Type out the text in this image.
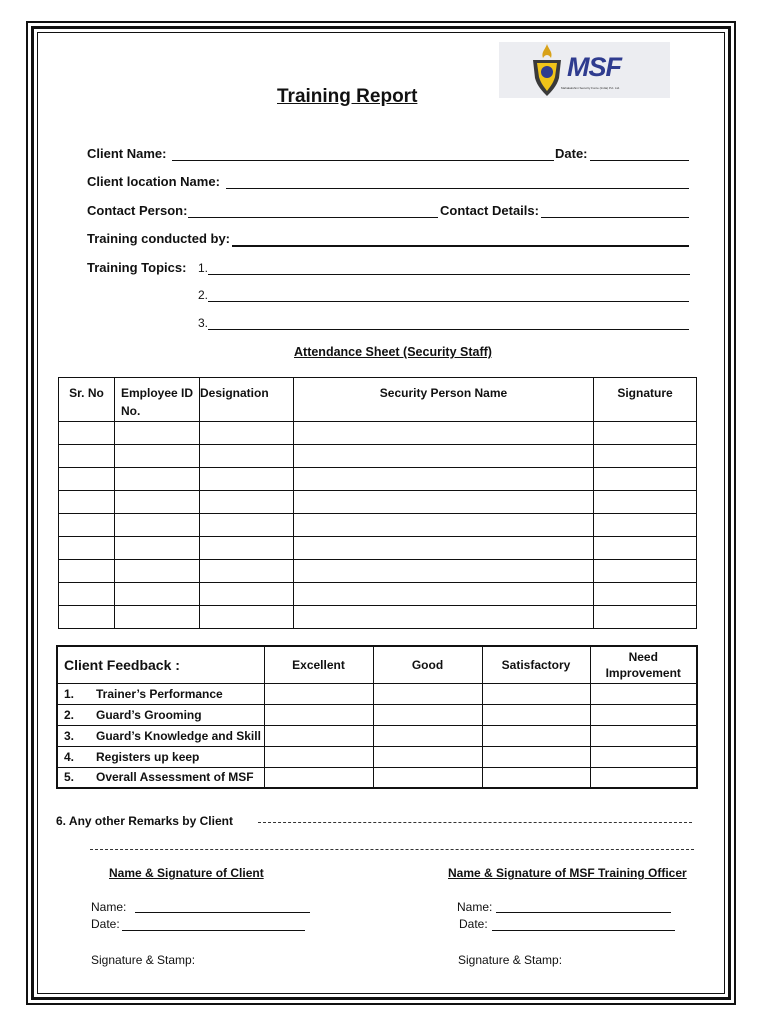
MSF
Mahalakshmi Security Force (India) Pvt. Ltd.
Training Report
Client Name:	Date:
Client location Name:
Contact Person:	Contact Details:
Training conducted by:
Training Topics: 1.
2.
3.
Attendance Sheet (Security Staff)
Sr. No	Employee ID No.	Designation	Security Person Name	Signature

Client Feedback :	Excellent	Good	Satisfactory	Need Improvement
1. Trainer’s Performance				
2. Guard’s Grooming				
3. Guard’s Knowledge and Skill				
4. Registers up keep				
5. Overall Assessment of MSF				
6. Any other Remarks by Client
Name & Signature of Client	Name & Signature of MSF Training Officer
Name:
Date:
Name:
Date:
Signature & Stamp:	Signature & Stamp:
